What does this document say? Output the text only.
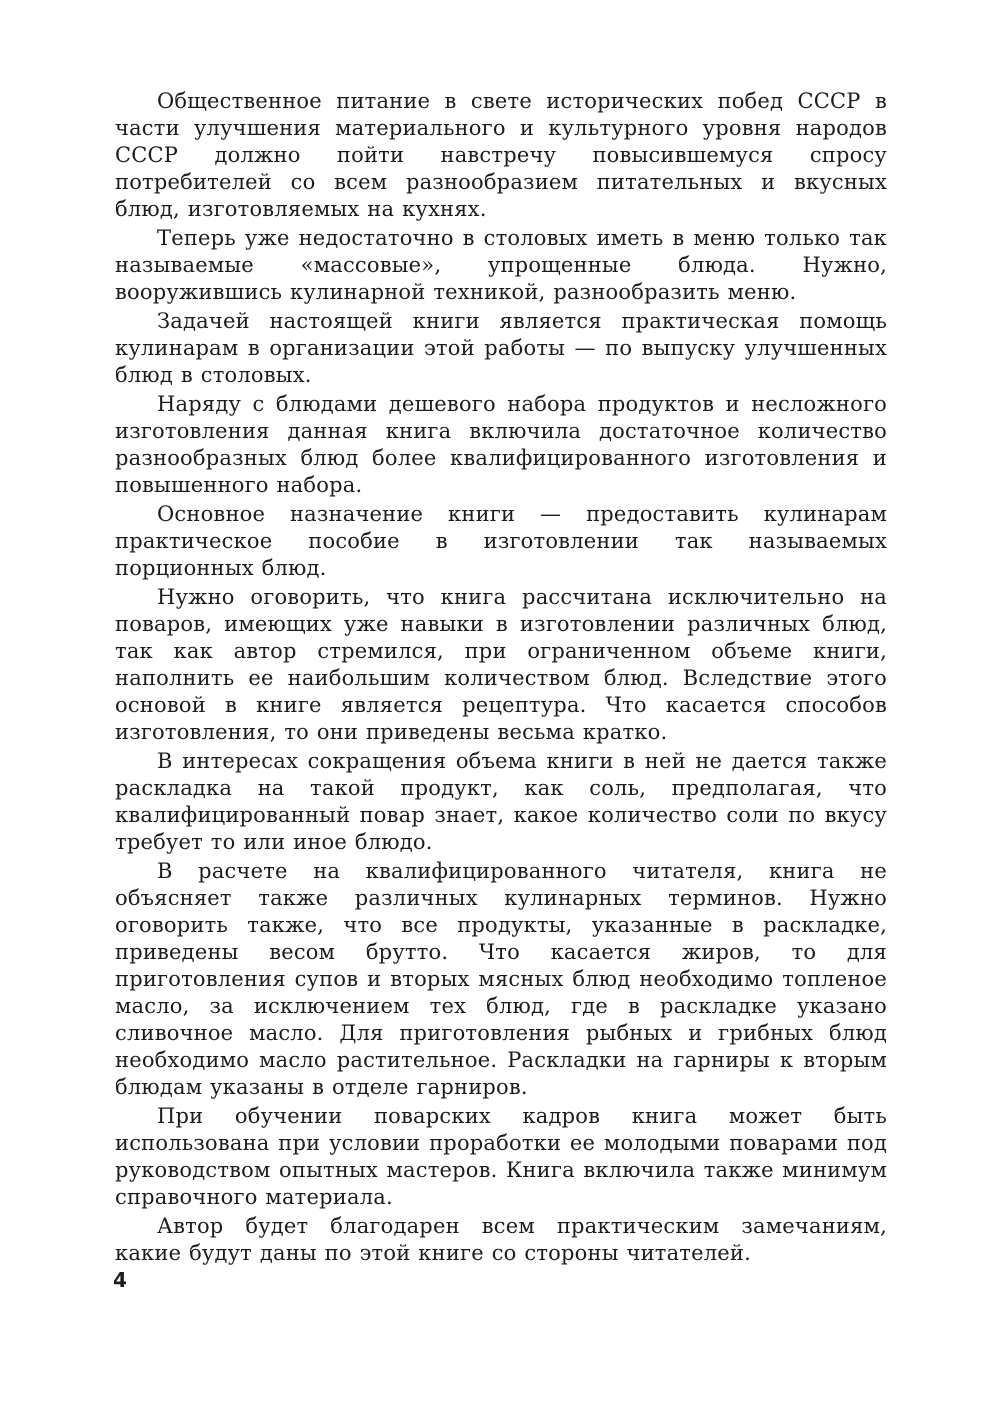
Общественное питание в свете исторических побед СССР в части улучшения материального и культурного уровня народов СССР должно пойти навстречу повысившемуся спросу потребителей со всем разнообразием питательных и вкусных блюд, изготовляемых на кухнях.

Теперь уже недостаточно в столовых иметь в меню только так называемые «массовые», упрощенные блюда. Нужно, вооружившись кулинарной техникой, разнообразить меню.

Задачей настоящей книги является практическая помощь кулинарам в организации этой работы — по выпуску улучшенных блюд в столовых.

Наряду с блюдами дешевого набора продуктов и несложного изготовления данная книга включила достаточное количество разнообразных блюд более квалифицированного изготовления и повышенного набора.

Основное назначение книги — предоставить кулинарам практическое пособие в изготовлении так называемых порционных блюд.

Нужно оговорить, что книга рассчитана исключительно на поваров, имеющих уже навыки в изготовлении различных блюд, так как автор стремился, при ограниченном объеме книги, наполнить ее наибольшим количеством блюд. Вследствие этого основой в книге является рецептура. Что касается способов изготовления, то они приведены весьма кратко.

В интересах сокращения объема книги в ней не дается также раскладка на такой продукт, как соль, предполагая, что квалифицированный повар знает, какое количество соли по вкусу требует то или иное блюдо.

В расчете на квалифицированного читателя, книга не объясняет также различных кулинарных терминов. Нужно оговорить также, что все продукты, указанные в раскладке, приведены весом брутто. Что касается жиров, то для приготовления супов и вторых мясных блюд необходимо топленое масло, за исключением тех блюд, где в раскладке указано сливочное масло. Для приготовления рыбных и грибных блюд необходимо масло растительное. Раскладки на гарниры к вторым блюдам указаны в отделе гарниров.

При обучении поварских кадров книга может быть использована при условии проработки ее молодыми поварами под руководством опытных мастеров. Книга включила также минимум справочного материала.

Автор будет благодарен всем практическим замечаниям, какие будут даны по этой книге со стороны читателей.

4
